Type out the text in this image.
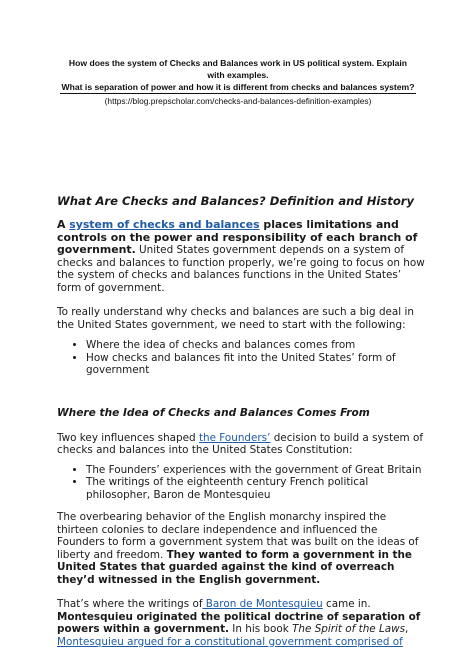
How does the system of Checks and Balances work in US political system. Explain with examples.
What is separation of power and how it is different from checks and balances system?
(https://blog.prepscholar.com/checks-and-balances-definition-examples)
What Are Checks and Balances? Definition and History

A system of checks and balances places limitations and controls on the power and responsibility of each branch of government. United States government depends on a system of checks and balances to function properly, we’re going to focus on how the system of checks and balances functions in the United States’ form of government.

To really understand why checks and balances are such a big deal in the United States government, we need to start with the following:

• Where the idea of checks and balances comes from
• How checks and balances fit into the United States’ form of government
Where the Idea of Checks and Balances Comes From

Two key influences shaped the Founders’ decision to build a system of checks and balances into the United States Constitution:

• The Founders’ experiences with the government of Great Britain
• The writings of the eighteenth century French political philosopher, Baron de Montesquieu

The overbearing behavior of the English monarchy inspired the thirteen colonies to declare independence and influenced the Founders to form a government system that was built on the ideas of liberty and freedom. They wanted to form a government in the United States that guarded against the kind of overreach they’d witnessed in the English government.

That’s where the writings of Baron de Montesquieu came in. Montesquieu originated the political doctrine of separation of powers within a government. In his book The Spirit of the Laws, Montesquieu argued for a constitutional government comprised of
